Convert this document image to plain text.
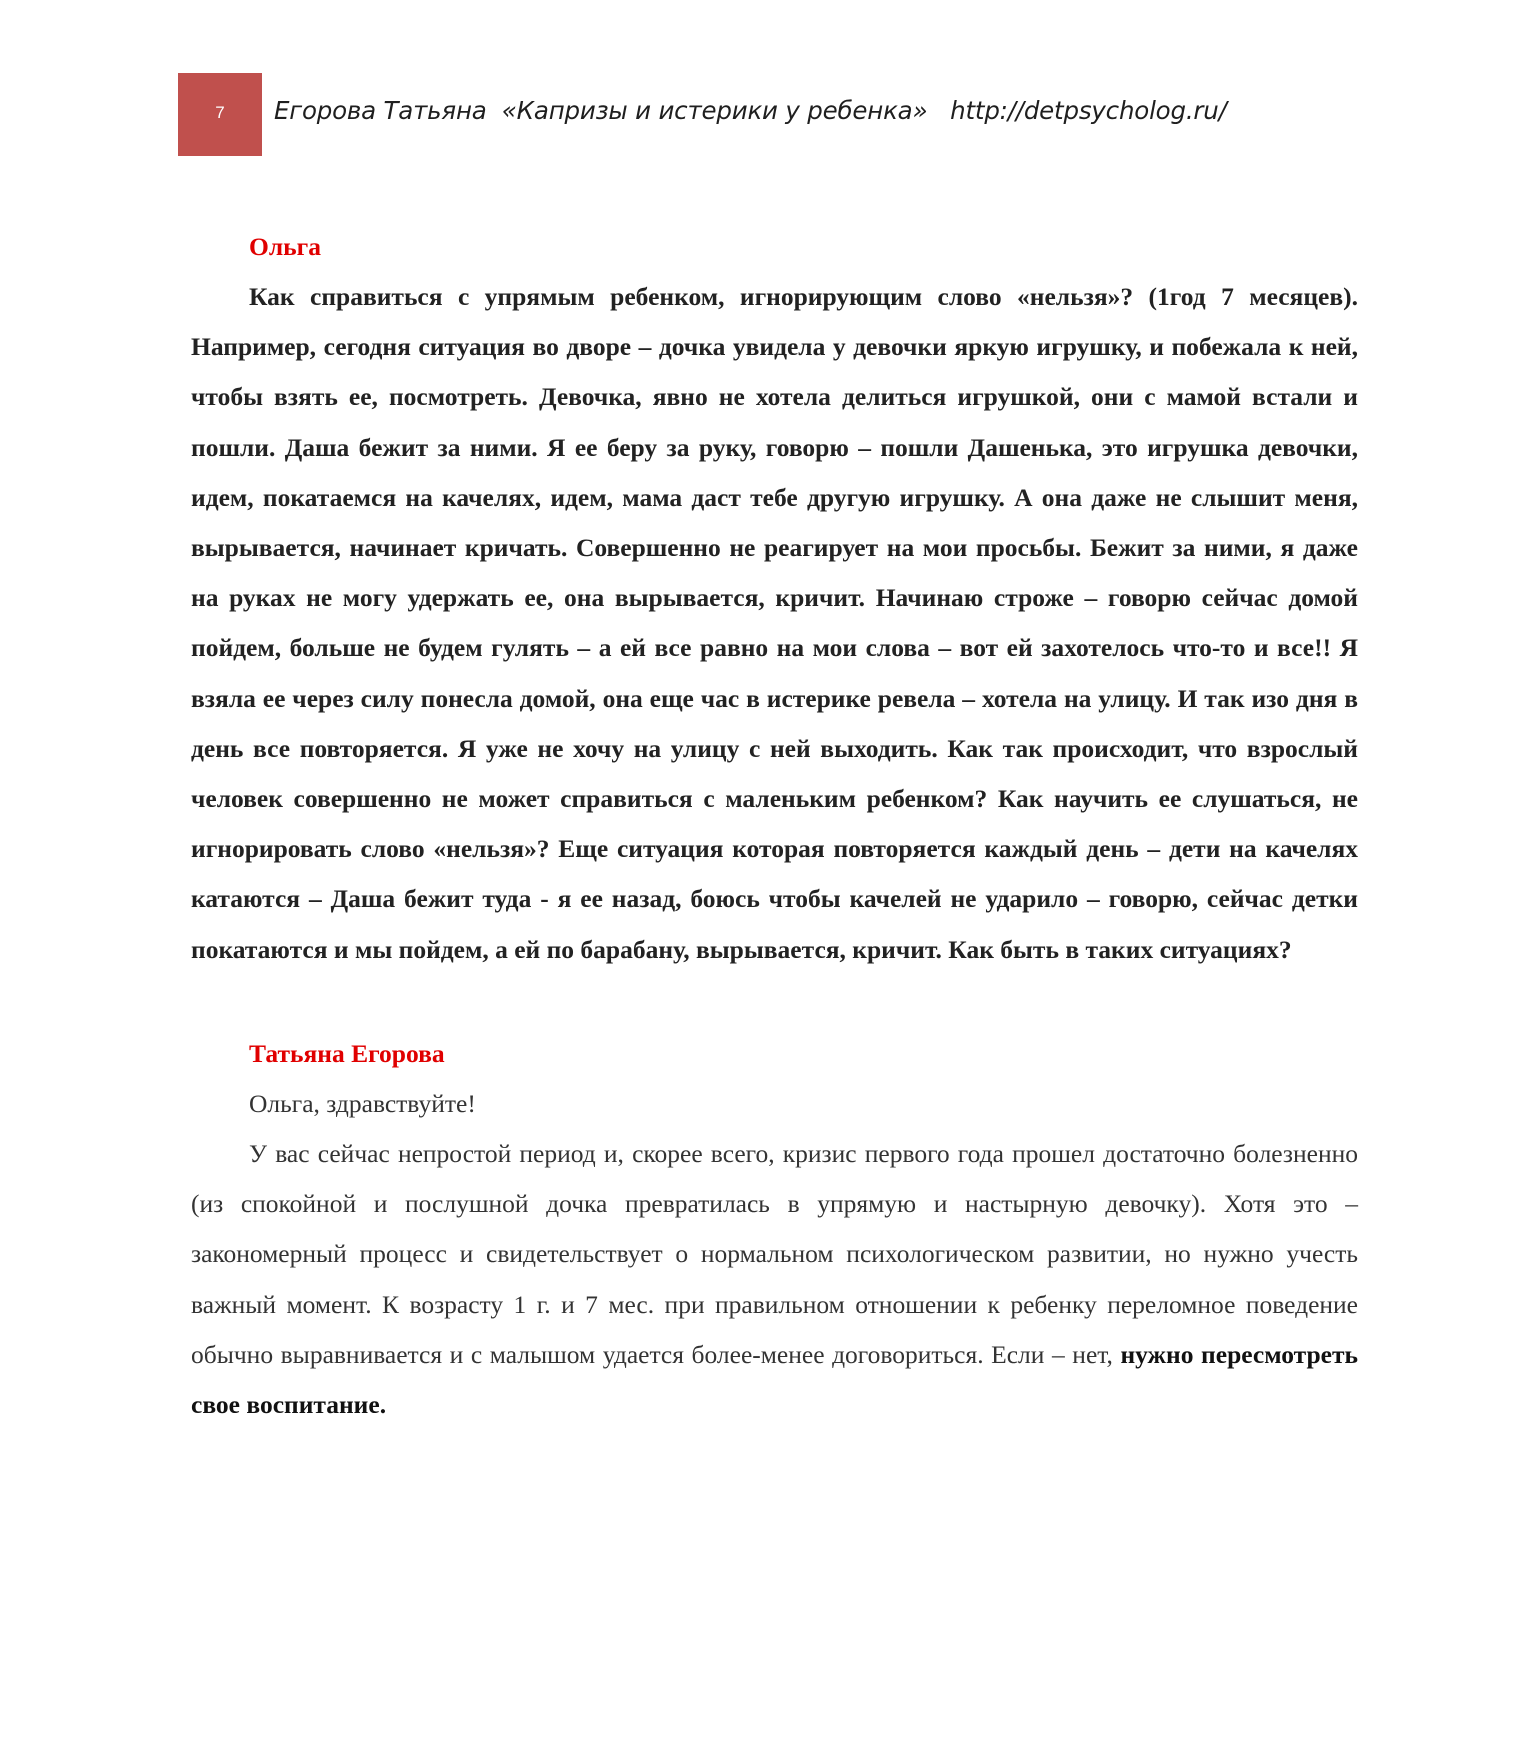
7 Егорова Татьяна  «Капризы и истерики у ребенка»   http://detpsycholog.ru/
Ольга

Как справиться с упрямым ребенком, игнорирующим слово «нельзя»? (1год 7 месяцев). Например, сегодня ситуация во дворе – дочка увидела у девочки яркую игрушку, и побежала к ней, чтобы взять ее, посмотреть. Девочка, явно не хотела делиться игрушкой, они с мамой встали и пошли. Даша бежит за ними. Я ее беру за руку, говорю – пошли Дашенька, это игрушка девочки, идем, покатаемся на качелях, идем, мама даст тебе другую игрушку. А она даже не слышит меня, вырывается, начинает кричать. Совершенно не реагирует на мои просьбы. Бежит за ними, я даже на руках не могу удержать ее, она вырывается, кричит. Начинаю строже – говорю сейчас домой пойдем, больше не будем гулять – а ей все равно на мои слова – вот ей захотелось что-то и все!! Я взяла ее через силу понесла домой, она еще час в истерике ревела – хотела на улицу. И так изо дня в день все повторяется. Я уже не хочу на улицу с ней выходить. Как так происходит, что взрослый человек совершенно не может справиться с маленьким ребенком? Как научить ее слушаться, не игнорировать слово «нельзя»? Еще ситуация которая повторяется каждый день – дети на качелях катаются – Даша бежит туда - я ее назад, боюсь чтобы качелей не ударило – говорю, сейчас детки покатаются и мы пойдем, а ей по барабану, вырывается, кричит. Как быть в таких ситуациях?

Татьяна Егорова

Ольга, здравствуйте!

У вас сейчас непростой период и, скорее всего, кризис первого года прошел достаточно болезненно (из спокойной и послушной дочка превратилась в упрямую и настырную девочку). Хотя это – закономерный процесс и свидетельствует о нормальном психологическом развитии, но нужно учесть важный момент. К возрасту 1 г. и 7 мес. при правильном отношении к ребенку переломное поведение обычно выравнивается и с малышом удается более-менее договориться. Если – нет, нужно пересмотреть свое воспитание.
